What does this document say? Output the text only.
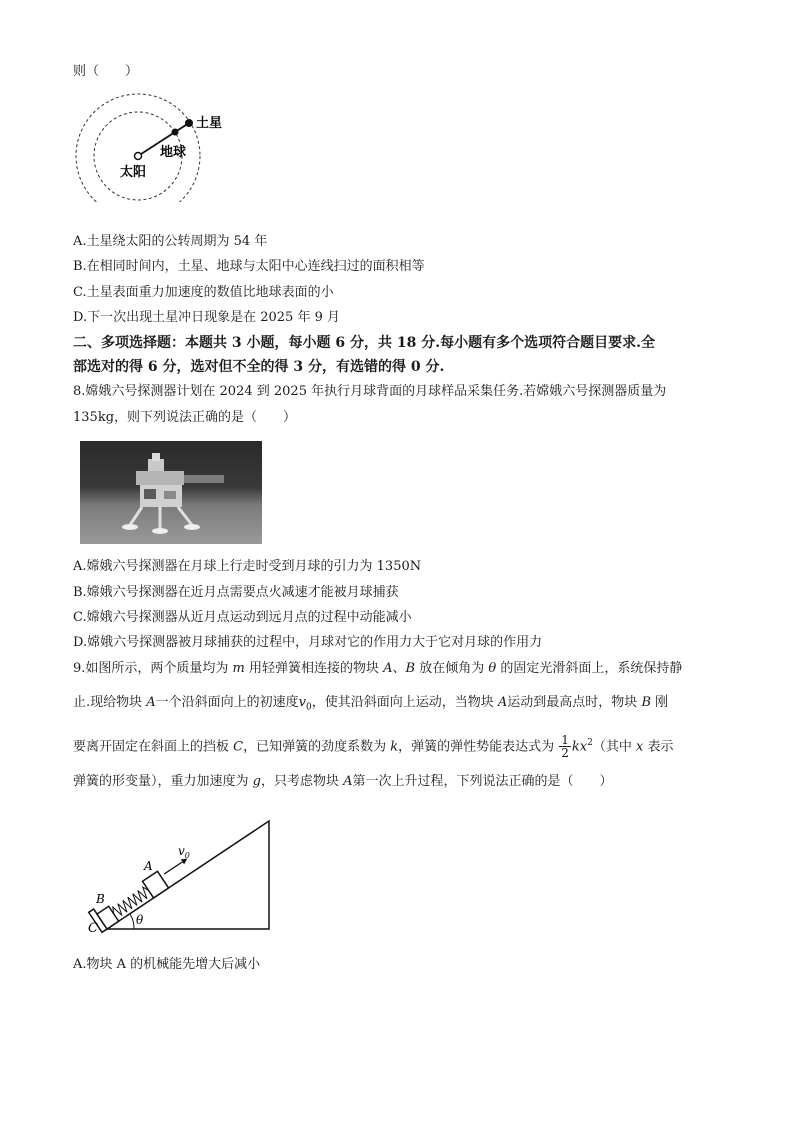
则（　　）
土星
地球
太阳
A.土星绕太阳的公转周期为 54 年
B.在相同时间内，土星、地球与太阳中心连线扫过的面积相等
C.土星表面重力加速度的数值比地球表面的小
D.下一次出现土星冲日现象是在 2025 年 9 月
二、多项选择题：本题共 3 小题，每小题 6 分，共 18 分.每小题有多个选项符合题目要求.全
部选对的得 6 分，选对但不全的得 3 分，有选错的得 0 分.
8.嫦娥六号探测器计划在 2024 到 2025 年执行月球背面的月球样品采集任务.若嫦娥六号探测器质量为
135kg，则下列说法正确的是（　　）
A.嫦娥六号探测器在月球上行走时受到月球的引力为 1350N
B.嫦娥六号探测器在近月点需要点火减速才能被月球捕获
C.嫦娥六号探测器从近月点运动到远月点的过程中动能减小
D.嫦娥六号探测器被月球捕获的过程中，月球对它的作用力大于它对月球的作用力
9.如图所示，两个质量均为 m 用轻弹簧相连接的物块 A、B 放在倾角为 θ 的固定光滑斜面上，系统保持静
止.现给物块 A一个沿斜面向上的初速度$v_0$，使其沿斜面向上运动，当物块 A运动到最高点时，物块 B 刚
要离开固定在斜面上的挡板 C，已知弹簧的劲度系数为 k，弹簧的弹性势能表达式为 $\frac{1}{2} kx^2$（其中 x 表示
弹簧的形变量），重力加速度为 g，只考虑物块 A第一次上升过程，下列说法正确的是（　　）
θ
C
B
A
$v_0$
A.物块 A 的机械能先增大后减小
